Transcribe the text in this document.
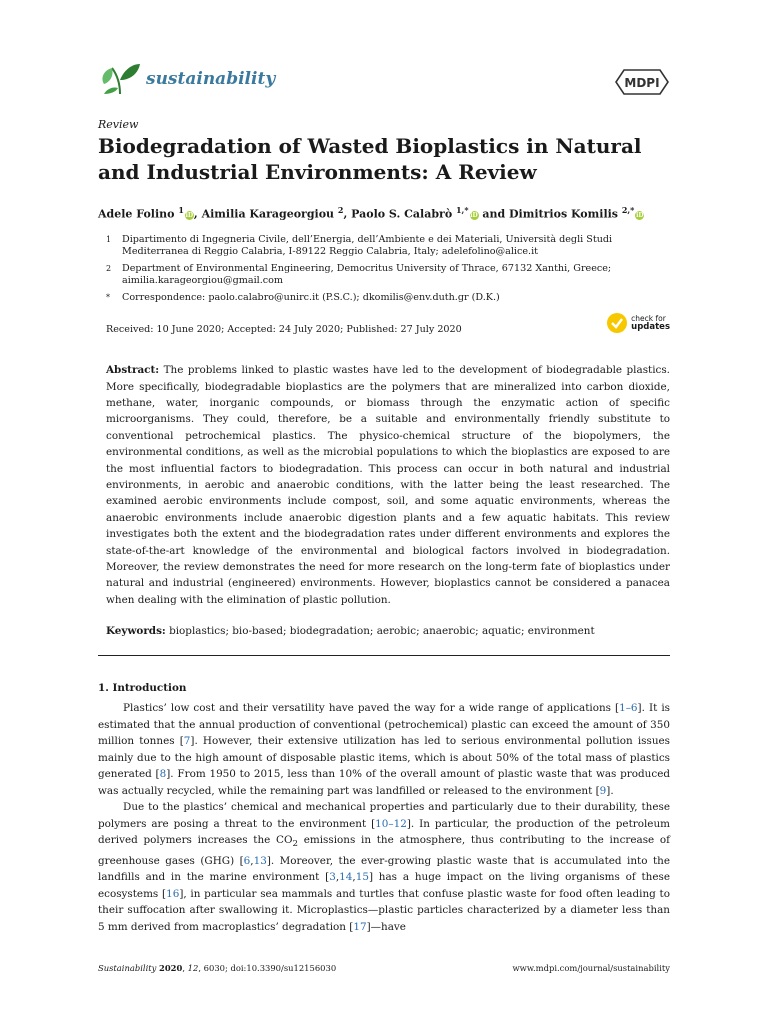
sustainability	MDPI

Review

Biodegradation of Wasted Bioplastics in Natural and Industrial Environments: A Review
Adele Folino $^1$iD, Aimilia Karageorgiou $^2$, Paolo S. Calabrò $^{1,*}$iD and Dimitrios Komilis $^{2,*}$iD
1	Dipartimento di Ingegneria Civile, dell’Energia, dell’Ambiente e dei Materiali, Università degli Studi Mediterranea di Reggio Calabria, I-89122 Reggio Calabria, Italy; adelefolino@alice.it
2	Department of Environmental Engineering, Democritus University of Thrace, 67132 Xanthi, Greece; aimilia.karageorgiou@gmail.com
*	Correspondence: paolo.calabro@unirc.it (P.S.C.); dkomilis@env.duth.gr (D.K.)
Received: 10 June 2020; Accepted: 24 July 2020; Published: 27 July 2020
check for
updates
Abstract: The problems linked to plastic wastes have led to the development of biodegradable plastics. More specifically, biodegradable bioplastics are the polymers that are mineralized into carbon dioxide, methane, water, inorganic compounds, or biomass through the enzymatic action of specific microorganisms. They could, therefore, be a suitable and environmentally friendly substitute to conventional petrochemical plastics. The physico-chemical structure of the biopolymers, the environmental conditions, as well as the microbial populations to which the bioplastics are exposed to are the most influential factors to biodegradation. This process can occur in both natural and industrial environments, in aerobic and anaerobic conditions, with the latter being the least researched. The examined aerobic environments include compost, soil, and some aquatic environments, whereas the anaerobic environments include anaerobic digestion plants and a few aquatic habitats. This review investigates both the extent and the biodegradation rates under different environments and explores the state-of-the-art knowledge of the environmental and biological factors involved in biodegradation. Moreover, the review demonstrates the need for more research on the long-term fate of bioplastics under natural and industrial (engineered) environments. However, bioplastics cannot be considered a panacea when dealing with the elimination of plastic pollution.
Keywords: bioplastics; bio-based; biodegradation; aerobic; anaerobic; aquatic; environment
1. Introduction

Plastics’ low cost and their versatility have paved the way for a wide range of applications [1–6]. It is estimated that the annual production of conventional (petrochemical) plastic can exceed the amount of 350 million tonnes [7]. However, their extensive utilization has led to serious environmental pollution issues mainly due to the high amount of disposable plastic items, which is about 50% of the total mass of plastics generated [8]. From 1950 to 2015, less than 10% of the overall amount of plastic waste that was produced was actually recycled, while the remaining part was landfilled or released to the environment [9].

Due to the plastics’ chemical and mechanical properties and particularly due to their durability, these polymers are posing a threat to the environment [10–12]. In particular, the production of the petroleum derived polymers increases the $CO_2$ emissions in the atmosphere, thus contributing to the increase of greenhouse gases (GHG) [6,13]. Moreover, the ever-growing plastic waste that is accumulated into the landfills and in the marine environment [3,14,15] has a huge impact on the living organisms of these ecosystems [16], in particular sea mammals and turtles that confuse plastic waste for food often leading to their suffocation after swallowing it. Microplastics—plastic particles characterized by a diameter less than 5 mm derived from macroplastics’ degradation [17]—have

Sustainability 2020, 12, 6030; doi:10.3390/su12156030	www.mdpi.com/journal/sustainability
